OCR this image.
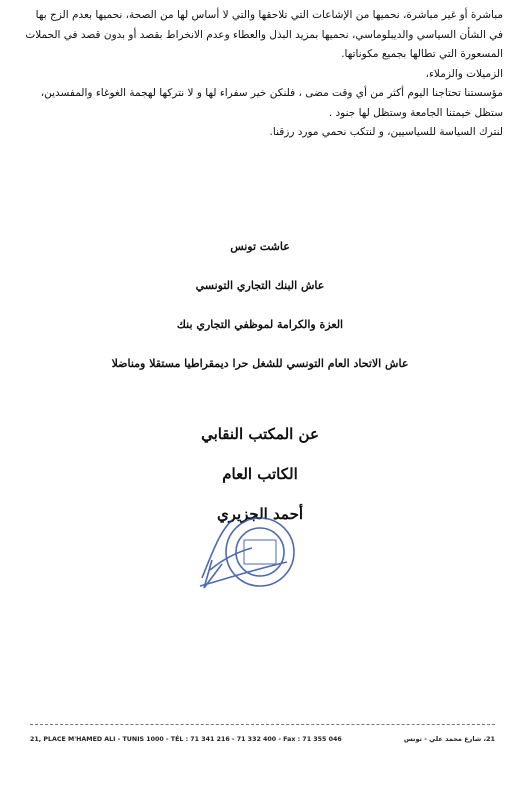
مباشرة أو غير مباشرة، نحميها من الإشاعات التي تلاحقها والتي لا أساس لها من الصحة، نحميها بعدم الزج بها

في الشأن السياسي والديبلوماسي، نحميها بمزيد البذل والعطاء وعدم الانخراط بقصد أو بدون قصد في الحملات

المسعورة التي تطالها بجميع مكوناتها.

الزميلات والزملاء،

مؤسستنا تحتاجنا اليوم أكثر من أي وقت مضى ، فلنكن خير سفراء لها و لا نتركها لهجمة الغوغاء والمفسدين،

ستظل خيمتنا الجامعة وستظل لها جنود .

لنترك السياسة للسياسيين، و لنتكب نحمي مورد رزقنا.

عاشت تونس

عاش البنك التجاري التونسي

العزة والكرامة لموظفي التجاري بنك

عاش الاتحاد العام التونسي للشغل حرا ديمقراطيا مستقلا ومناضلا

عن المكتب النقابي

الكاتب العام

أحمد الجزيري

21, PLACE M'HAMED ALI - TUNIS 1000 - TÉL : 71 341 216 - 71 332 400 - Fax : 71 355 046	21، شارع محمد علي - تونس
